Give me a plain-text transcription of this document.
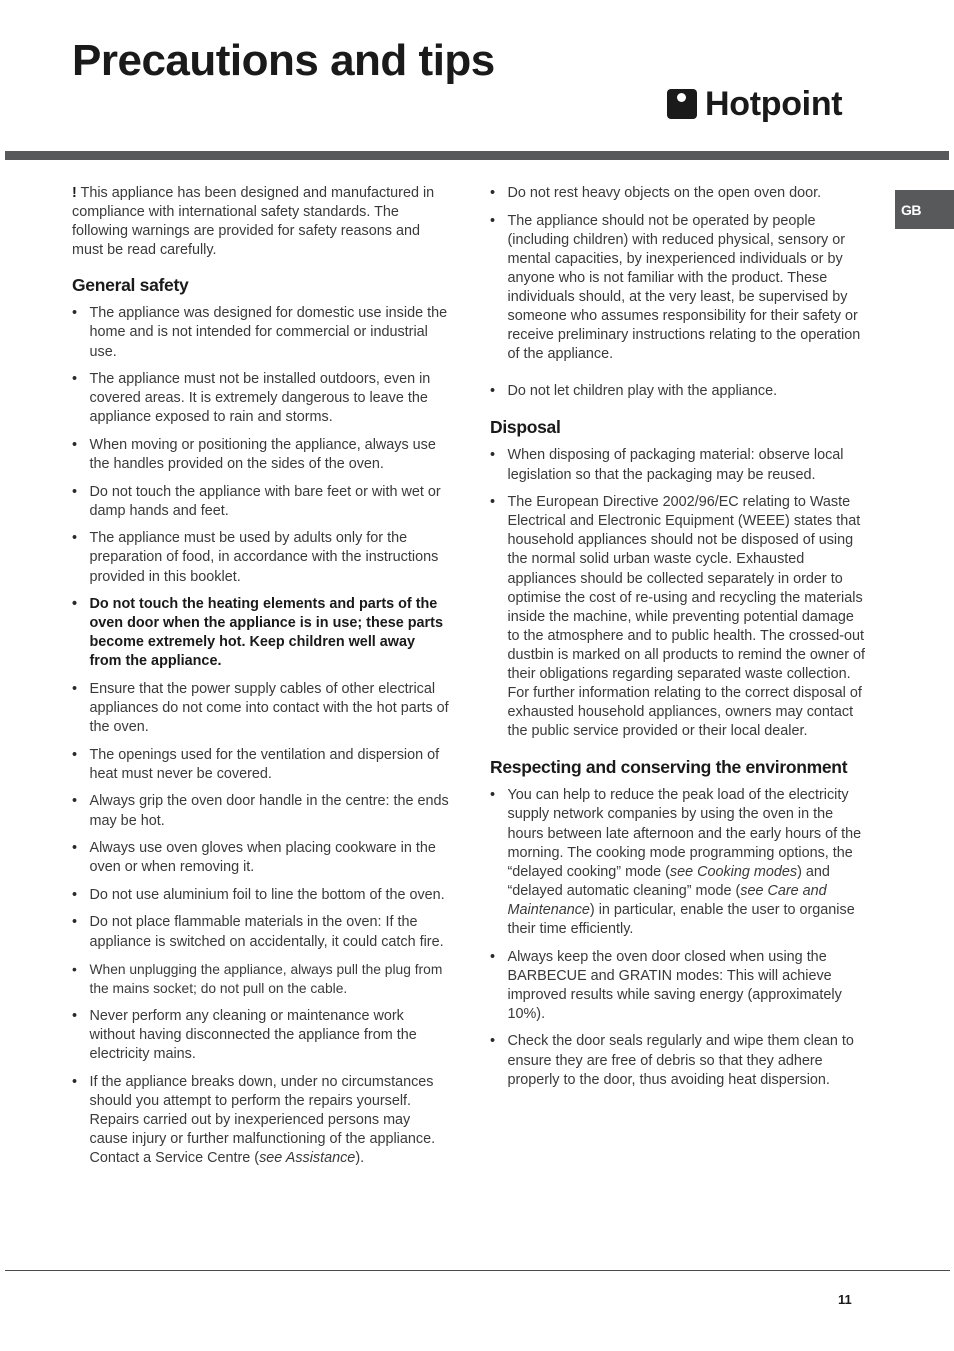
Precautions and tips
Hotpoint
GB

! This appliance has been designed and manufactured in compliance with international safety standards. The following warnings are provided for safety reasons and must be read carefully.

General safety
• The appliance was designed for domestic use inside the home and is not intended for commercial or industrial use.
• The appliance must not be installed outdoors, even in covered areas. It is extremely dangerous to leave the appliance exposed to rain and storms.
• When moving or positioning the appliance, always use the handles provided on the sides of the oven.
• Do not touch the appliance with bare feet or with wet or damp hands and feet.
• The appliance must be used by adults only for the preparation of food, in accordance with the instructions provided in this booklet.
• Do not touch the heating elements and parts of the oven door when the appliance is in use; these parts become extremely hot. Keep children well away from the appliance.
• Ensure that the power supply cables of other electrical appliances do not come into contact with the hot parts of the oven.
• The openings used for the ventilation and dispersion of heat must never be covered.
• Always grip the oven door handle in the centre: the ends may be hot.
• Always use oven gloves when placing cookware in the oven or when removing it.
• Do not use aluminium foil to line the bottom of the oven.
• Do not place flammable materials in the oven: If the appliance is switched on accidentally, it could catch fire.
• When unplugging the appliance, always pull the plug from the mains socket; do not pull on the cable.
• Never perform any cleaning or maintenance work without having disconnected the appliance from the electricity mains.
• If the appliance breaks down, under no circumstances should you attempt to perform the repairs yourself. Repairs carried out by inexperienced persons may cause injury or further malfunctioning of the appliance. Contact a Service Centre (see Assistance).
• Do not rest heavy objects on the open oven door.
• The appliance should not be operated by people (including children) with reduced physical, sensory or mental capacities, by inexperienced individuals or by anyone who is not familiar with the product. These individuals should, at the very least, be supervised by someone who assumes responsibility for their safety or receive preliminary instructions relating to the operation of the appliance.
• Do not let children play with the appliance.
Disposal
• When disposing of packaging material: observe local legislation so that the packaging may be reused.
• The European Directive 2002/96/EC relating to Waste Electrical and Electronic Equipment (WEEE) states that household appliances should not be disposed of using the normal solid urban waste cycle. Exhausted appliances should be collected separately in order to optimise the cost of re-using and recycling the materials inside the machine, while preventing potential damage to the atmosphere and to public health. The crossed-out dustbin is marked on all products to remind the owner of their obligations regarding separated waste collection.
For further information relating to the correct disposal of exhausted household appliances, owners may contact the public service provided or their local dealer.
Respecting and conserving the environment
• You can help to reduce the peak load of the electricity supply network companies by using the oven in the hours between late afternoon and the early hours of the morning. The cooking mode programming options, the “delayed cooking” mode (see Cooking modes) and “delayed automatic cleaning” mode (see Care and Maintenance) in particular, enable the user to organise their time efficiently.
• Always keep the oven door closed when using the BARBECUE and GRATIN modes: This will achieve improved results while saving energy (approximately 10%).
• Check the door seals regularly and wipe them clean to ensure they are free of debris so that they adhere properly to the door, thus avoiding heat dispersion.
11
